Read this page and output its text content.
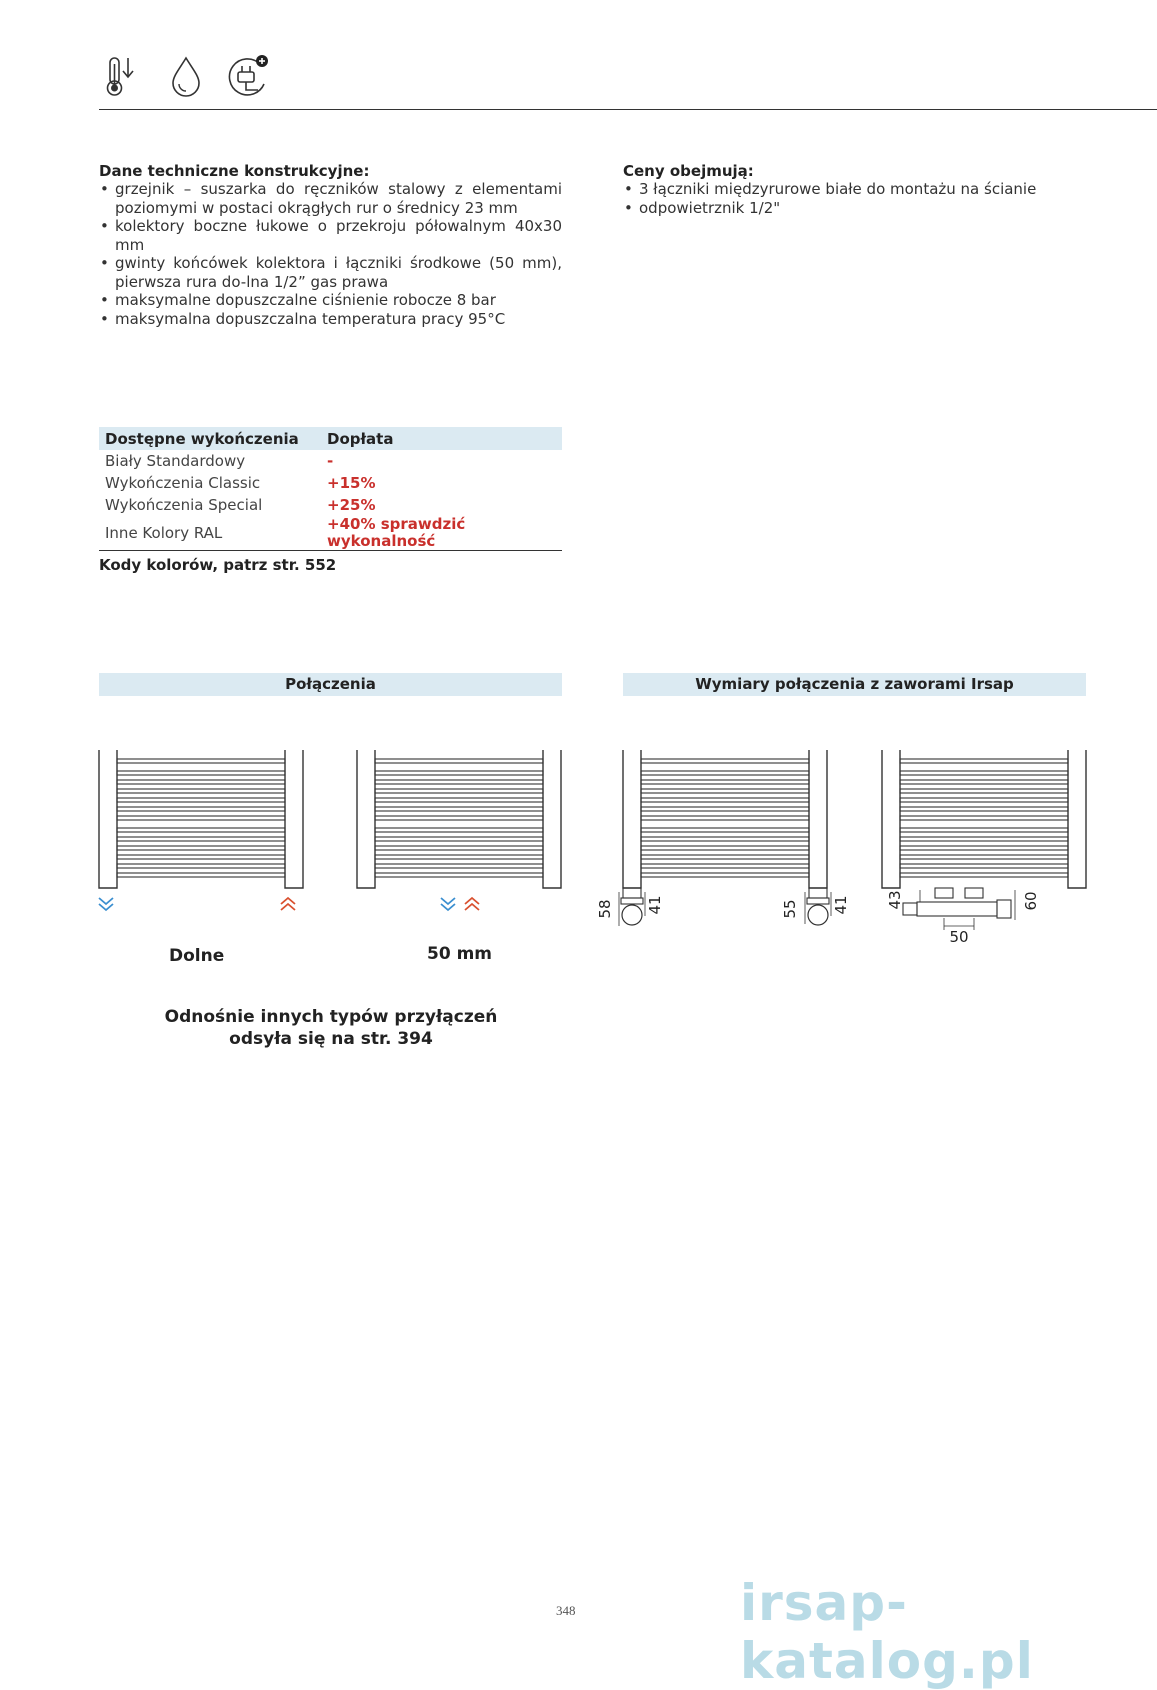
Dane techniczne konstrukcyjne:
• grzejnik – suszarka do ręczników stalowy z elementami poziomymi w postaci okrągłych rur o średnicy 23 mm
• kolektory boczne łukowe o przekroju półowalnym 40x30 mm
• gwinty końcówek kolektora i łączniki środkowe (50 mm), pierwsza rura do-lna 1/2” gas prawa
• maksymalne dopuszczalne ciśnienie robocze 8 bar
• maksymalna dopuszczalna temperatura pracy 95°C
Ceny obejmują:
• 3 łączniki międzyrurowe białe do montażu na ścianie
• odpowietrznik 1/2"
Dostępne wykończenia	Dopłata
Biały Standardowy	-
Wykończenia Classic	+15%
Wykończenia Special	+25%
Inne Kolory RAL	+40% sprawdzić wykonalność
Kody kolorów, patrz str. 552
Połączenia	Wymiary połączenia z zaworami Irsap
58 41	55 41 43	60
50
Dolne	50 mm
Odnośnie innych typów przyłączeń odsyła się na str. 394
348	irsap-katalog.pl
